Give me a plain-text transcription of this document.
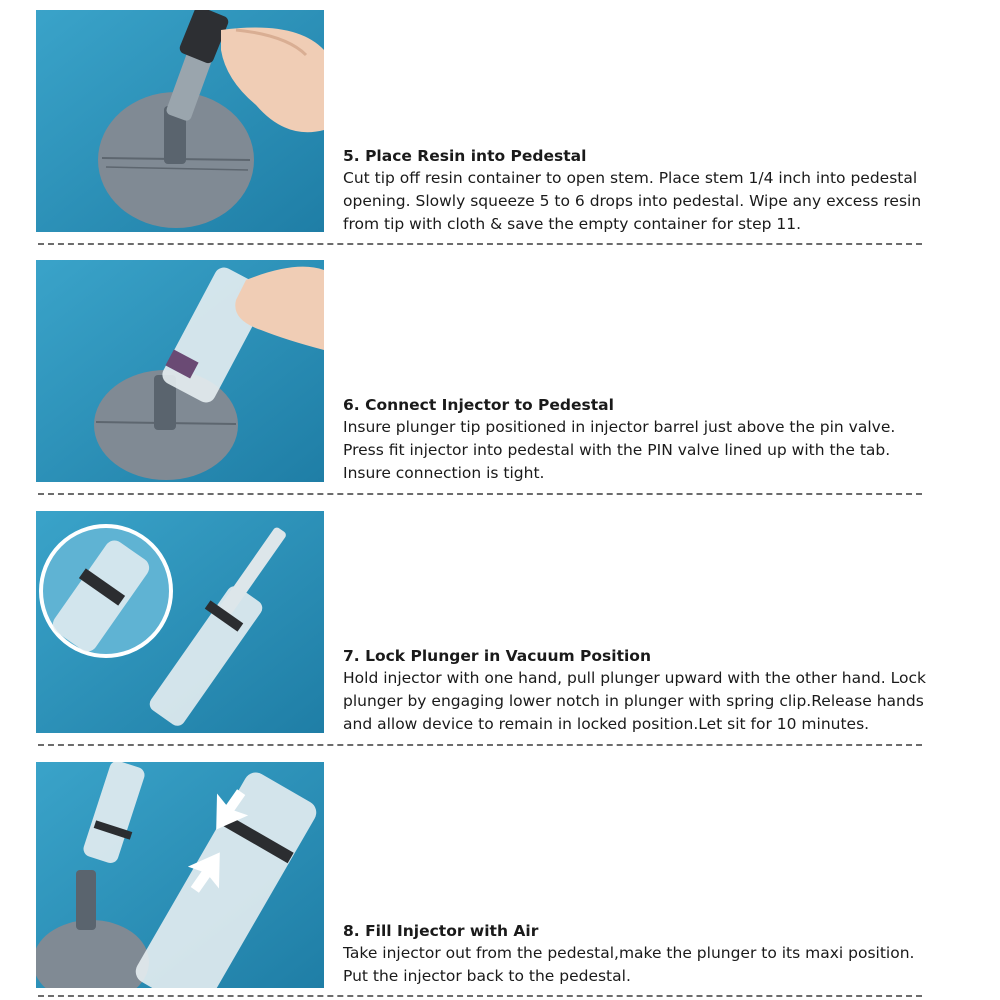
5. Place Resin into Pedestal
Cut tip off resin container to open stem. Place stem 1/4 inch into pedestal
opening. Slowly squeeze 5 to 6 drops into pedestal. Wipe any excess resin
from tip with cloth & save the empty container for step 11.
6. Connect Injector to Pedestal
Insure plunger tip positioned in injector barrel just above the pin valve.
Press fit injector into pedestal with the PIN valve lined up with the tab.
Insure connection is tight.
7. Lock Plunger in Vacuum Position
Hold injector with one hand, pull plunger upward with the other hand. Lock
plunger by engaging lower notch in plunger with spring clip.Release hands
and allow device to remain in locked position.Let sit for 10 minutes.
8. Fill Injector with Air
Take injector out from the pedestal,make the plunger to its maxi position.
Put the injector back to the pedestal.
